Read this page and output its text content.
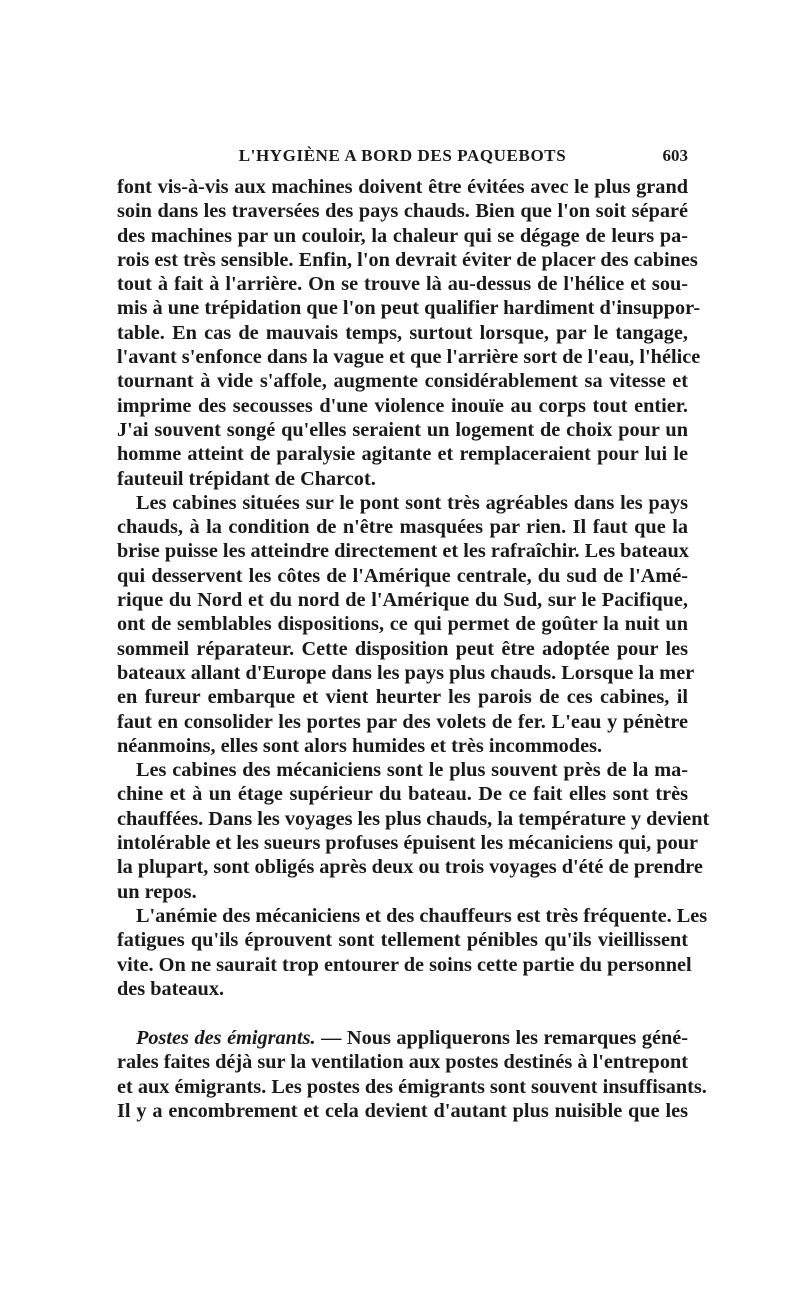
L'HYGIÈNE A BORD DES PAQUEBOTS	603
font vis-à-vis aux machines doivent être évitées avec le plus grand
soin dans les traversées des pays chauds. Bien que l'on soit séparé
des machines par un couloir, la chaleur qui se dégage de leurs pa-
rois est très sensible. Enfin, l'on devrait éviter de placer des cabines
tout à fait à l'arrière. On se trouve là au-dessus de l'hélice et sou-
mis à une trépidation que l'on peut qualifier hardiment d'insuppor-
table. En cas de mauvais temps, surtout lorsque, par le tangage,
l'avant s'enfonce dans la vague et que l'arrière sort de l'eau, l'hélice
tournant à vide s'affole, augmente considérablement sa vitesse et
imprime des secousses d'une violence inouïe au corps tout entier.
J'ai souvent songé qu'elles seraient un logement de choix pour un
homme atteint de paralysie agitante et remplaceraient pour lui le
fauteuil trépidant de Charcot.
Les cabines situées sur le pont sont très agréables dans les pays
chauds, à la condition de n'être masquées par rien. Il faut que la
brise puisse les atteindre directement et les rafraîchir. Les bateaux
qui desservent les côtes de l'Amérique centrale, du sud de l'Amé-
rique du Nord et du nord de l'Amérique du Sud, sur le Pacifique,
ont de semblables dispositions, ce qui permet de goûter la nuit un
sommeil réparateur. Cette disposition peut être adoptée pour les
bateaux allant d'Europe dans les pays plus chauds. Lorsque la mer
en fureur embarque et vient heurter les parois de ces cabines, il
faut en consolider les portes par des volets de fer. L'eau y pénètre
néanmoins, elles sont alors humides et très incommodes.
Les cabines des mécaniciens sont le plus souvent près de la ma-
chine et à un étage supérieur du bateau. De ce fait elles sont très
chauffées. Dans les voyages les plus chauds, la température y devient
intolérable et les sueurs profuses épuisent les mécaniciens qui, pour
la plupart, sont obligés après deux ou trois voyages d'été de prendre
un repos.
L'anémie des mécaniciens et des chauffeurs est très fréquente. Les
fatigues qu'ils éprouvent sont tellement pénibles qu'ils vieillissent
vite. On ne saurait trop entourer de soins cette partie du personnel
des bateaux.
Postes des émigrants. — Nous appliquerons les remarques géné-
rales faites déjà sur la ventilation aux postes destinés à l'entrepont
et aux émigrants. Les postes des émigrants sont souvent insuffisants.
Il y a encombrement et cela devient d'autant plus nuisible que les
